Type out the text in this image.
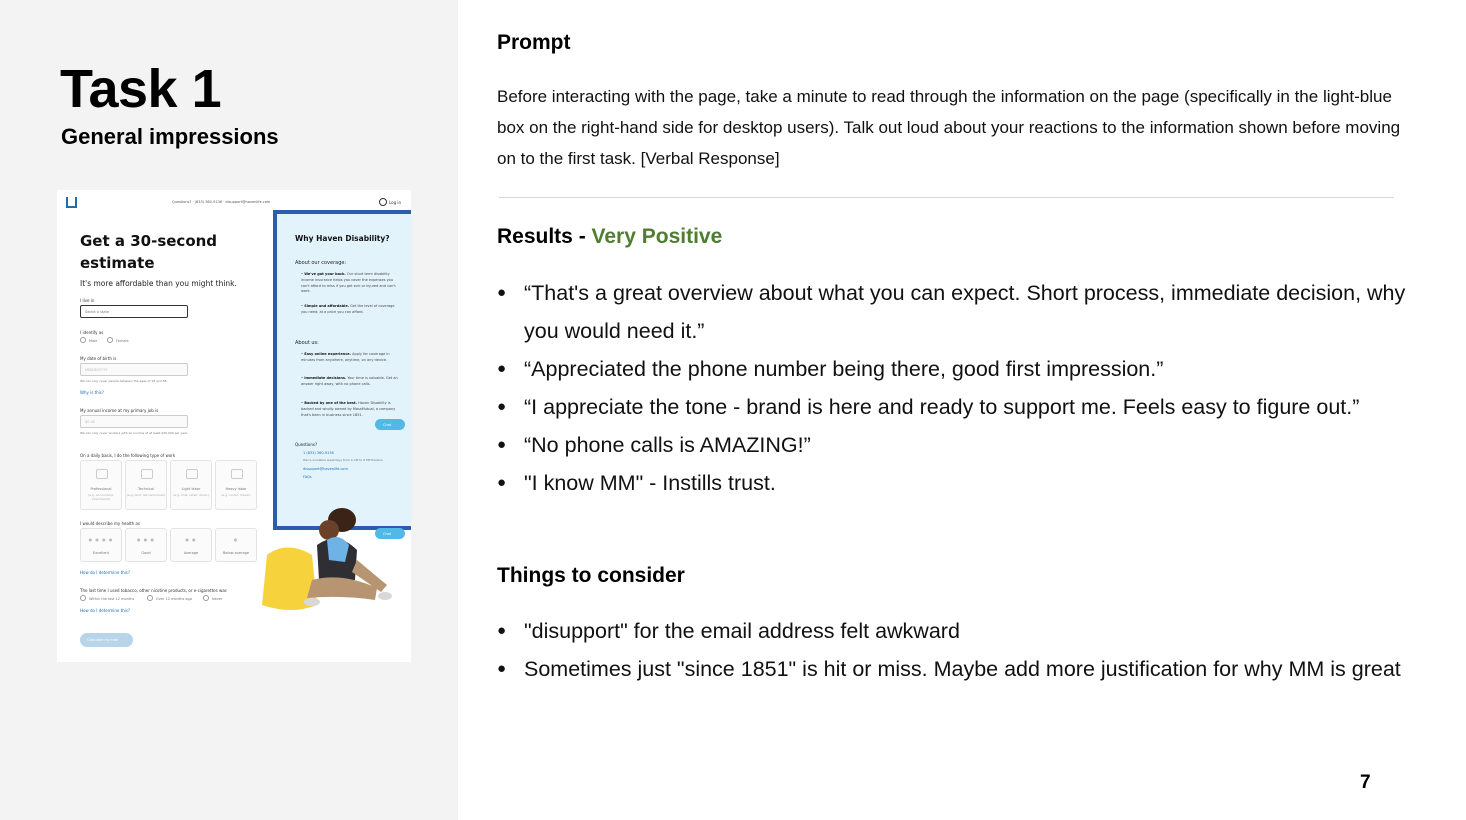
Task 1
General impressions
Questions? · (833) 360-9136 · disupport@havenlife.com	Log in
Get a 30-second estimate
It's more affordable than you might think.
I live in
Select a state
I identify as
Male	Female
My date of birth is
MM/DD/YYYY
We can only cover people between the ages of 18 and 58.
Why is this?
My annual income at my primary job is
$0.00
We can only cover workers with an income of at least $30,000 per year.
On a daily basis, I do the following type of work
Professional
(e.g. accountant, pharmacist)
Technical
(e.g. pilot, lab technician)
Light labor
(e.g. chef, retail, driver)
Heavy labor
(e.g. roofer, mover)
I would describe my health as
● ● ● ●
Excellent
● ● ●
Good
● ●
Average
●
Below average
How do I determine this?
The last time I used tobacco, other nicotine products, or e-cigarettes was
Within the last 12 months	Over 12 months ago	Never
How do I determine this?
Calculate my rate
Why Haven Disability?
About our coverage:
• We've got your back. Our short term disability income insurance helps you cover the expenses you can't afford to miss if you get sick or injured and can't work.
• Simple and affordable. Get the level of coverage you need, at a price you can afford.
About us:
• Easy online experience. Apply for coverage in minutes from anywhere, anytime, on any device.
• Immediate decisions. Your time is valuable. Get an answer right away, with no phone calls.
• Backed by one of the best. Haven Disability is backed and wholly owned by MassMutual, a company that's been in business since 1851.
Chat
Questions?
1 (833) 360-9136
We're available weekdays from 9 AM to 6 PM Eastern
disupport@havenlife.com
FAQs
Chat
Prompt
Before interacting with the page, take a minute to read through the information on the page (specifically in the light-blue box on the right-hand side for desktop users). Talk out loud about your reactions to the information shown before moving on to the first task. [Verbal Response]
Results - Very Positive
● “That's a great overview about what you can expect. Short process, immediate decision, why you would need it.”
● “Appreciated the phone number being there, good first impression.”
● “I appreciate the tone - brand is here and ready to support me. Feels easy to figure out.”
● “No phone calls is AMAZING!”
● "I know MM" - Instills trust.
Things to consider
● "disupport" for the email address felt awkward
● Sometimes just "since 1851" is hit or miss. Maybe add more justification for why MM is great
7
